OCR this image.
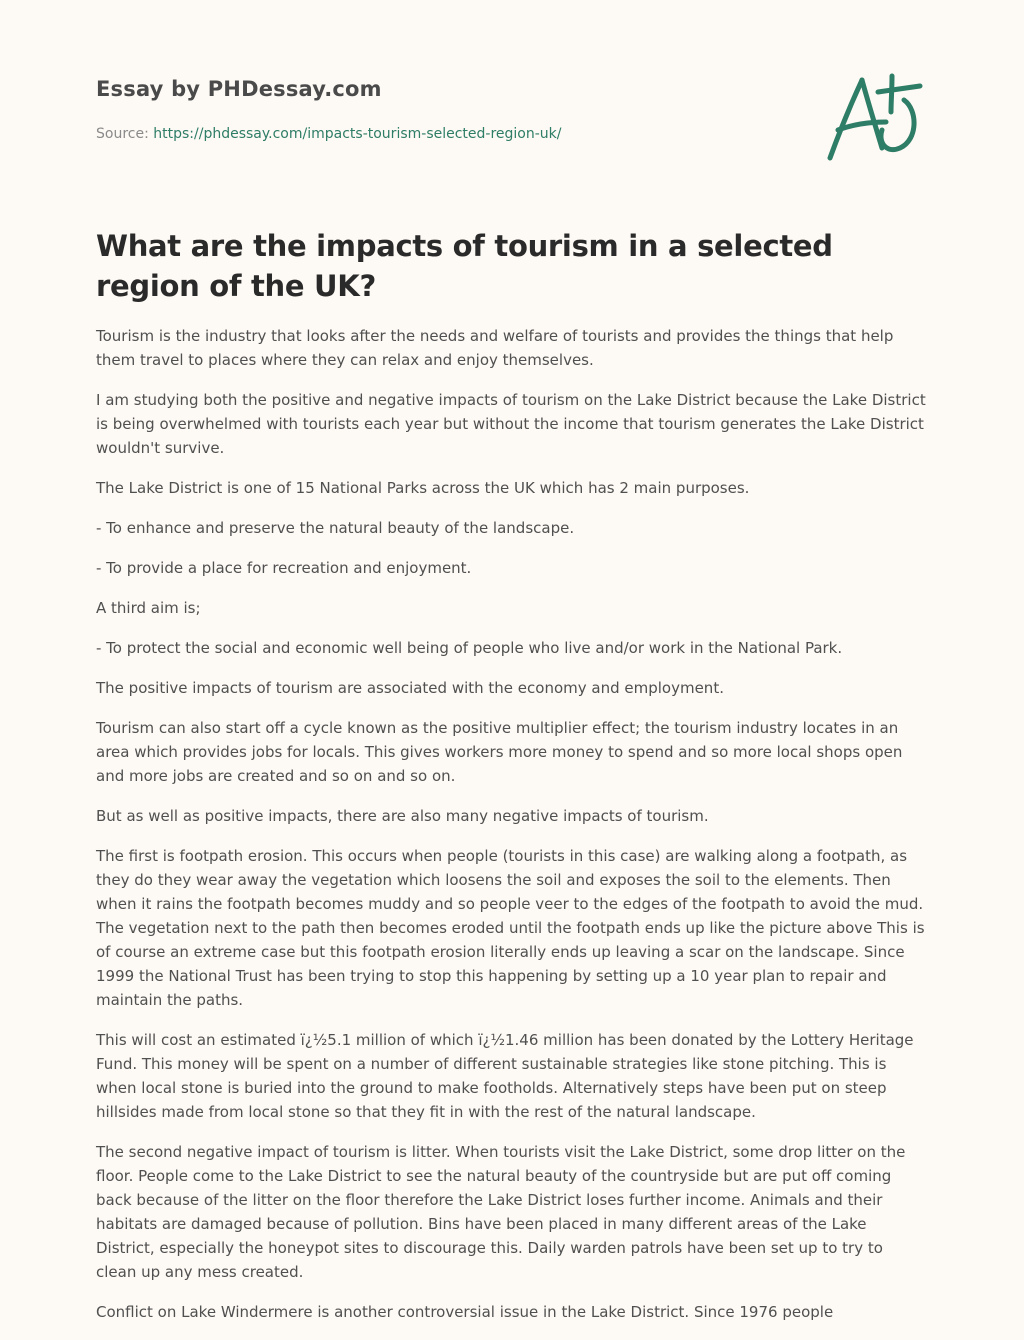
Essay by PHDessay.com
Source: https://phdessay.com/impacts-tourism-selected-region-uk/
What are the impacts of tourism in a selected region of the UK?

Tourism is the industry that looks after the needs and welfare of tourists and provides the things that help them travel to places where they can relax and enjoy themselves.

I am studying both the positive and negative impacts of tourism on the Lake District because the Lake District is being overwhelmed with tourists each year but without the income that tourism generates the Lake District wouldn't survive.

The Lake District is one of 15 National Parks across the UK which has 2 main purposes.

- To enhance and preserve the natural beauty of the landscape.

- To provide a place for recreation and enjoyment.

A third aim is;

- To protect the social and economic well being of people who live and/or work in the National Park.

The positive impacts of tourism are associated with the economy and employment.

Tourism can also start off a cycle known as the positive multiplier effect; the tourism industry locates in an area which provides jobs for locals. This gives workers more money to spend and so more local shops open and more jobs are created and so on and so on.

But as well as positive impacts, there are also many negative impacts of tourism.

The first is footpath erosion. This occurs when people (tourists in this case) are walking along a footpath, as they do they wear away the vegetation which loosens the soil and exposes the soil to the elements. Then when it rains the footpath becomes muddy and so people veer to the edges of the footpath to avoid the mud. The vegetation next to the path then becomes eroded until the footpath ends up like the picture above This is of course an extreme case but this footpath erosion literally ends up leaving a scar on the landscape. Since 1999 the National Trust has been trying to stop this happening by setting up a 10 year plan to repair and maintain the paths.

This will cost an estimated ï¿½5.1 million of which ï¿½1.46 million has been donated by the Lottery Heritage Fund. This money will be spent on a number of different sustainable strategies like stone pitching. This is when local stone is buried into the ground to make footholds. Alternatively steps have been put on steep hillsides made from local stone so that they fit in with the rest of the natural landscape.

The second negative impact of tourism is litter. When tourists visit the Lake District, some drop litter on the floor. People come to the Lake District to see the natural beauty of the countryside but are put off coming back because of the litter on the floor therefore the Lake District loses further income. Animals and their habitats are damaged because of pollution. Bins have been placed in many different areas of the Lake District, especially the honeypot sites to discourage this. Daily warden patrols have been set up to try to clean up any mess created.

Conflict on Lake Windermere is another controversial issue in the Lake District. Since 1976 people
